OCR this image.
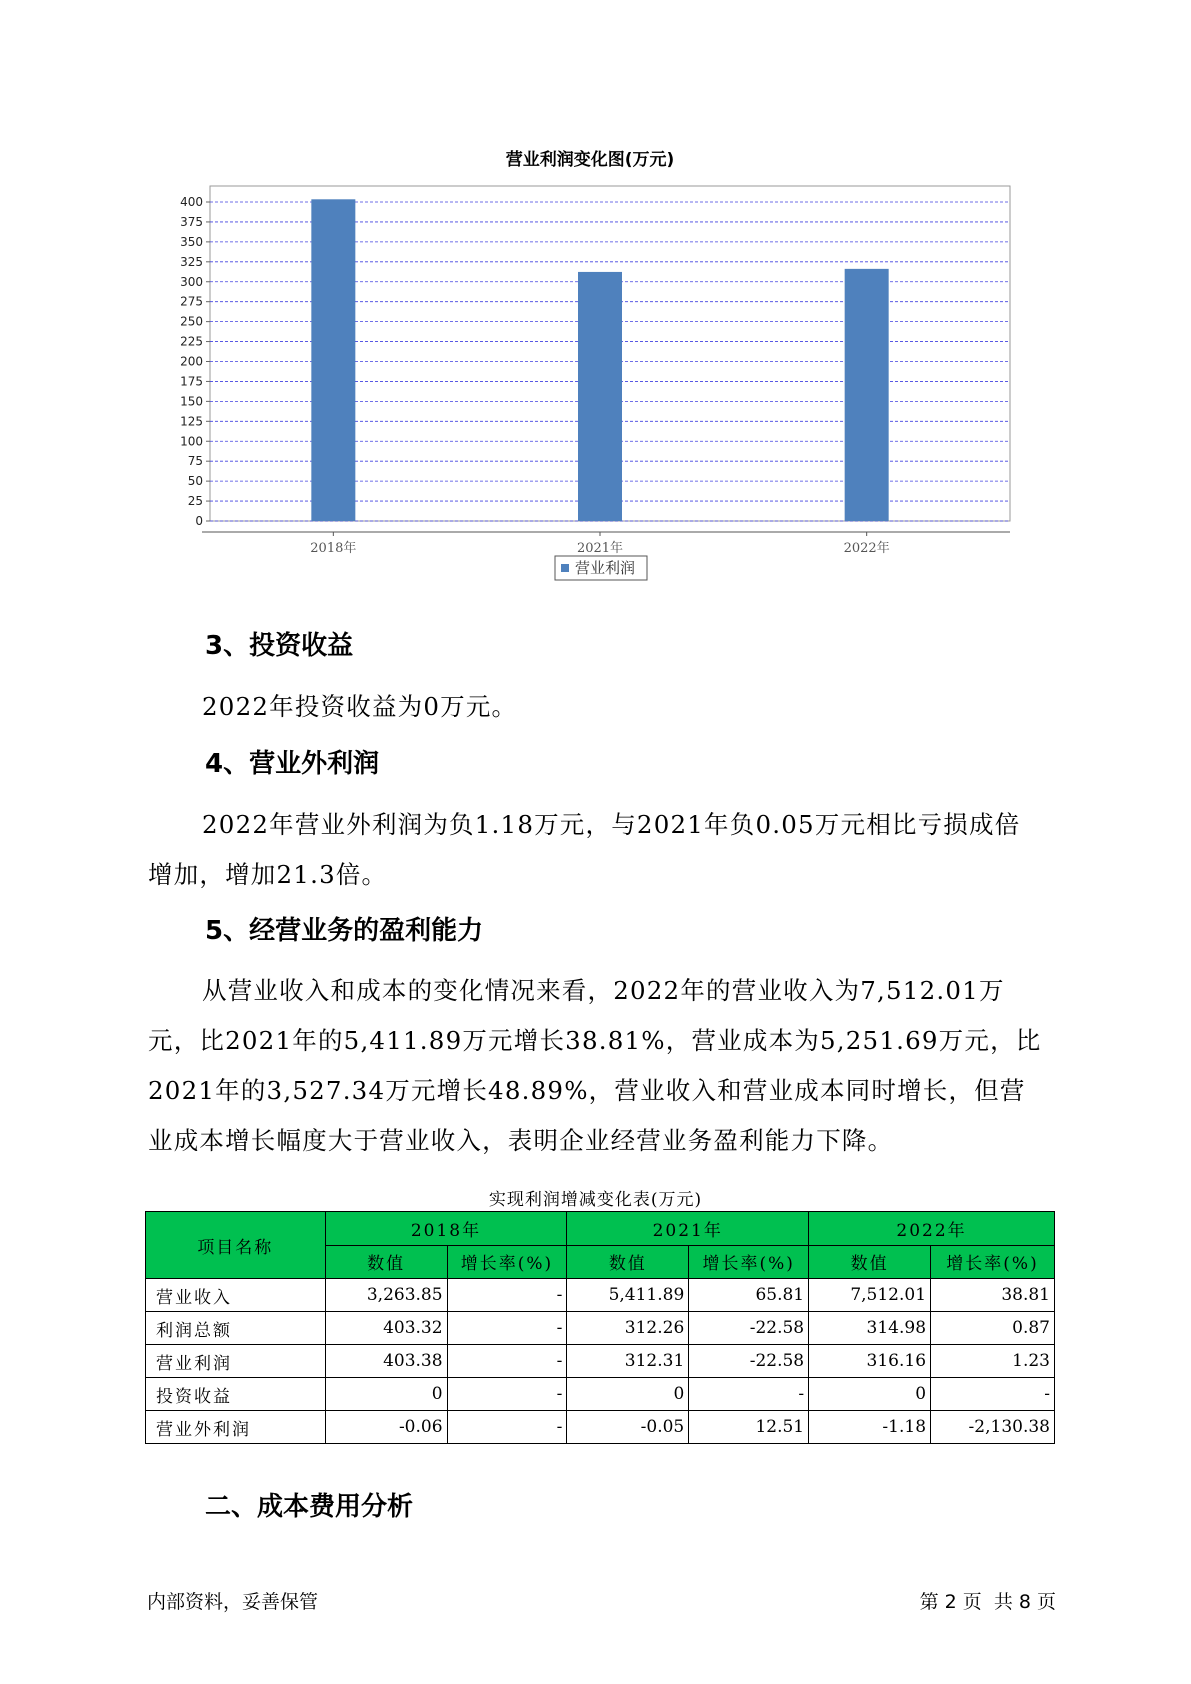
营业利润变化图(万元)
0
25
50
75
100
125
150
175
200
225
250
275
300
325
350
375
400
2018年	2021年	2022年
营业利润
3、投资收益
2022年投资收益为0万元。
4、营业外利润
2022年营业外利润为负1.18万元，与2021年负0.05万元相比亏损成倍
增加，增加21.3倍。
5、经营业务的盈利能力
从营业收入和成本的变化情况来看，2022年的营业收入为7,512.01万
元，比2021年的5,411.89万元增长38.81%，营业成本为5,251.69万元，比
2021年的3,527.34万元增长48.89%，营业收入和营业成本同时增长，但营
业成本增长幅度大于营业收入，表明企业经营业务盈利能力下降。
实现利润增减变化表(万元)
项目名称	2018年		2021年		2022年	
	数值	增长率(%)	数值	增长率(%)	数值	增长率(%)
营业收入	3,263.85	-	5,411.89	65.81	7,512.01	38.81
利润总额	403.32	-	312.26	-22.58	314.98	0.87
营业利润	403.38	-	312.31	-22.58	316.16	1.23
投资收益	0	-	0	-	0	-
营业外利润	-0.06	-	-0.05	12.51	-1.18	-2,130.38
二、成本费用分析
内部资料，妥善保管	第 2 页  共 8 页
